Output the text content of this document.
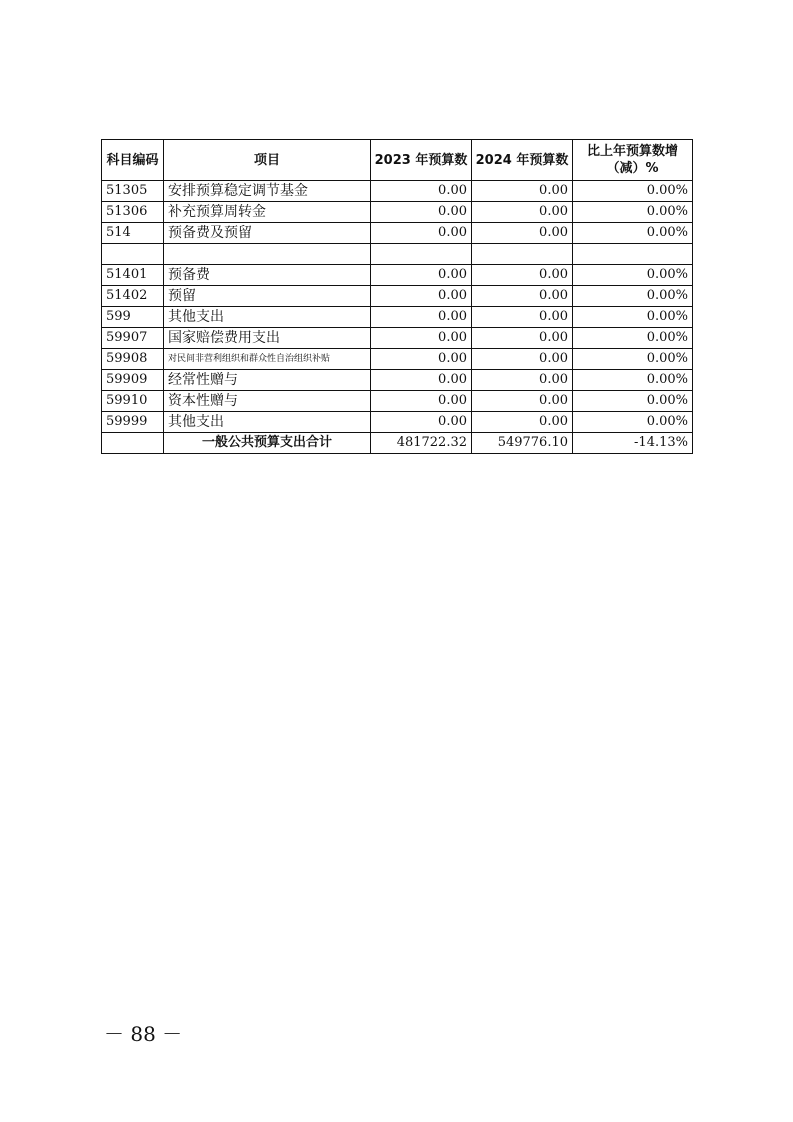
科目编码	项目	2023 年预算数	2024 年预算数	比上年预算数增（减）%
51305	安排预算稳定调节基金	0.00	0.00	0.00%
51306	补充预算周转金	0.00	0.00	0.00%
514	预备费及预留	0.00	0.00	0.00%

51401	预备费	0.00	0.00	0.00%
51402	预留	0.00	0.00	0.00%
599	其他支出	0.00	0.00	0.00%
59907	国家赔偿费用支出	0.00	0.00	0.00%
59908	对民间非营利组织和群众性自治组织补贴	0.00	0.00	0.00%
59909	经常性赠与	0.00	0.00	0.00%
59910	资本性赠与	0.00	0.00	0.00%
59999	其他支出	0.00	0.00	0.00%
	一般公共预算支出合计	481722.32	549776.10	-14.13%
－ 88 －
